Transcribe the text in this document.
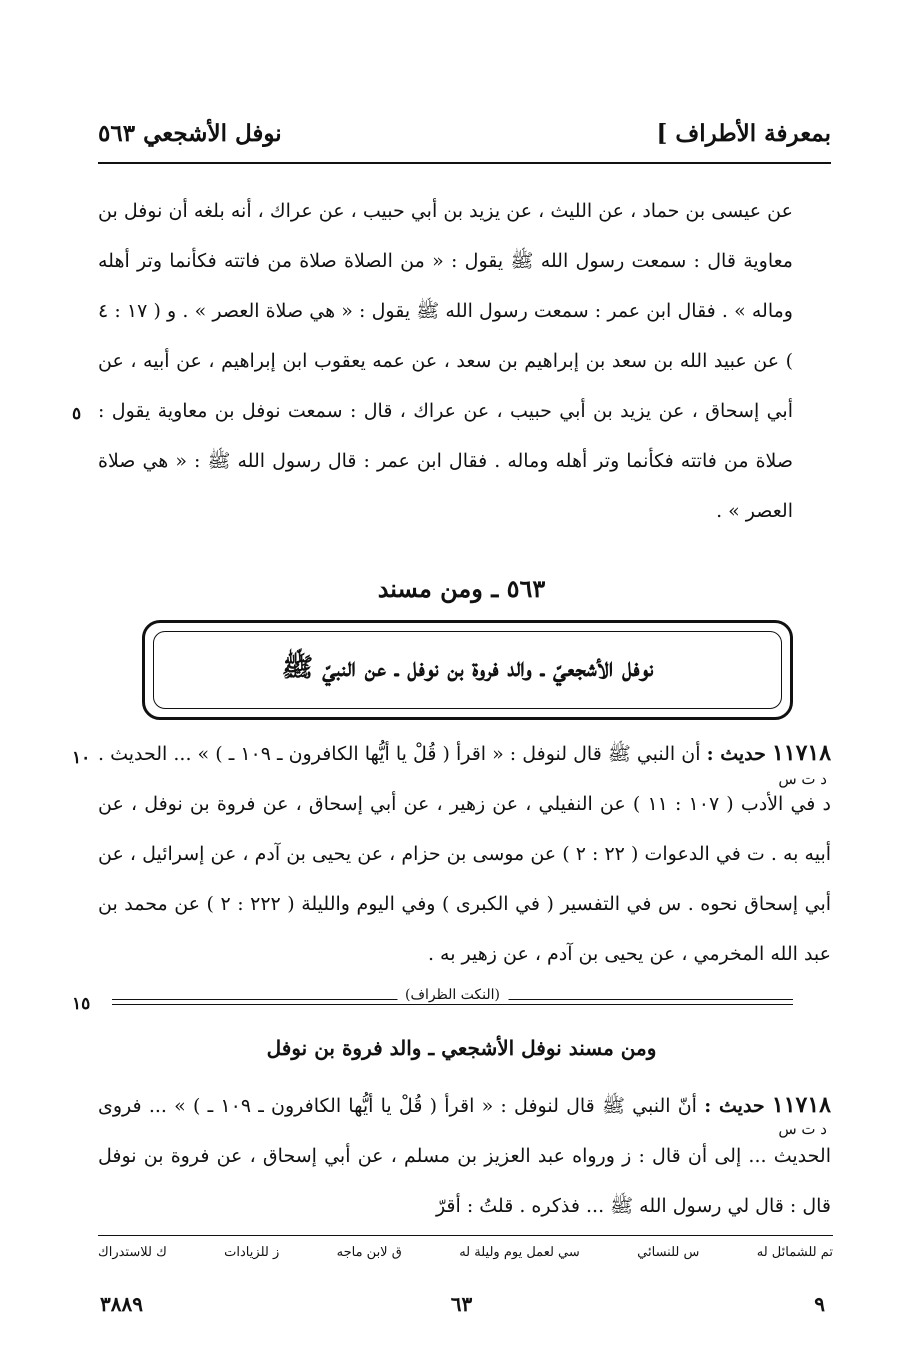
بمعرفة الأطراف ]
نوفل الأشجعي ٥٦٣
عن عيسى بن حماد ، عن الليث ، عن يزيد بن أبي حبيب ، عن عراك ، أنه بلغه أن نوفل بن معاوية قال : سمعت رسول الله ﷺ يقول : « من الصلاة صلاة من فاتته فكأنما وتر أهله وماله » . فقال ابن عمر : سمعت رسول الله ﷺ يقول : « هي صلاة العصر » . و ( ١٧ : ٤ ) عن عبيد الله بن سعد بن إبراهيم بن سعد ، عن عمه يعقوب ابن إبراهيم ، عن أبيه ، عن أبي إسحاق ، عن يزيد بن أبي حبيب ، عن عراك ، قال : سمعت نوفل بن معاوية يقول : صلاة من فاتته فكأنما وتر أهله وماله . فقال ابن عمر : قال رسول الله ﷺ : « هي صلاة العصر » .
٥
٥٦٣ ـ ومن مسند
نوفل الأشجعيّ ـ والد فروة بن نوفل ـ عن النبيّ ﷺ
١٠
د ت س
١١٧١٨ حديث : أن النبي ﷺ قال لنوفل : « اقرأ ( قُلْ يا أيُّها الكافرون ـ ١٠٩ ـ ) » ... الحديث . د في الأدب ( ١٠٧ : ١١ ) عن النفيلي ، عن زهير ، عن أبي إسحاق ، عن فروة بن نوفل ، عن أبيه به . ت في الدعوات ( ٢٢ : ٢ ) عن موسى بن حزام ، عن يحيى بن آدم ، عن إسرائيل ، عن أبي إسحاق نحوه . س في التفسير ( في الكبرى ) وفي اليوم والليلة ( ٢٢٢ : ٢ ) عن محمد بن عبد الله المخرمي ، عن يحيى بن آدم ، عن زهير به .
١٥	(النكت الظراف)
ومن مسند نوفل الأشجعي ـ والد فروة بن نوفل
د ت س
١١٧١٨ حديث : أنّ النبي ﷺ قال لنوفل : « اقرأ ( قُلْ يا أيُّها الكافرون ـ ١٠٩ ـ ) » ... فروى الحديث ... إلى أن قال : ز ورواه عبد العزيز بن مسلم ، عن أبي إسحاق ، عن فروة بن نوفل قال : قال لي رسول الله ﷺ ... فذكره . قلتُ : أقرّ
تم للشمائل له
س للنسائي
سي لعمل يوم وليلة له
ق لابن ماجه
ز للزيادات
ك للاستدراك
٣٨٨٩	٦٣	٩
